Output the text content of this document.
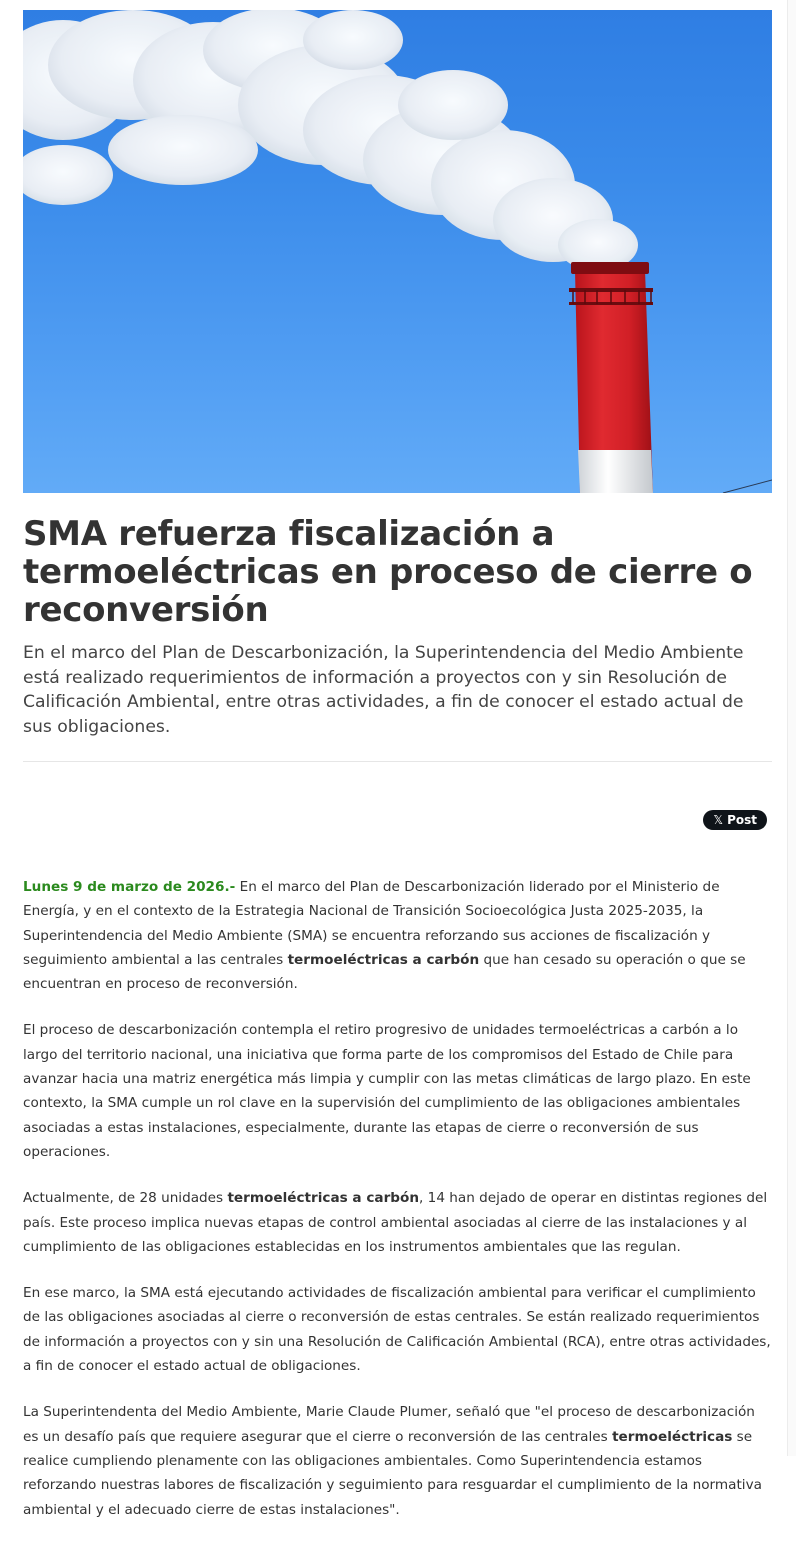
SMA refuerza fiscalización a termoeléctricas en proceso de cierre o reconversión

En el marco del Plan de Descarbonización, la Superintendencia del Medio Ambiente está realizado requerimientos de información a proyectos con y sin Resolución de Calificación Ambiental, entre otras actividades, a fin de conocer el estado actual de sus obligaciones.

𝕏 Post

Lunes 9 de marzo de 2026.- En el marco del Plan de Descarbonización liderado por el Ministerio de Energía, y en el contexto de la Estrategia Nacional de Transición Socioecológica Justa 2025-2035, la Superintendencia del Medio Ambiente (SMA) se encuentra reforzando sus acciones de fiscalización y seguimiento ambiental a las centrales termoeléctricas a carbón que han cesado su operación o que se encuentran en proceso de reconversión.

El proceso de descarbonización contempla el retiro progresivo de unidades termoeléctricas a carbón a lo largo del territorio nacional, una iniciativa que forma parte de los compromisos del Estado de Chile para avanzar hacia una matriz energética más limpia y cumplir con las metas climáticas de largo plazo. En este contexto, la SMA cumple un rol clave en la supervisión del cumplimiento de las obligaciones ambientales asociadas a estas instalaciones, especialmente, durante las etapas de cierre o reconversión de sus operaciones.

Actualmente, de 28 unidades termoeléctricas a carbón, 14 han dejado de operar en distintas regiones del país. Este proceso implica nuevas etapas de control ambiental asociadas al cierre de las instalaciones y al cumplimiento de las obligaciones establecidas en los instrumentos ambientales que las regulan.

En ese marco, la SMA está ejecutando actividades de fiscalización ambiental para verificar el cumplimiento de las obligaciones asociadas al cierre o reconversión de estas centrales. Se están realizado requerimientos de información a proyectos con y sin una Resolución de Calificación Ambiental (RCA), entre otras actividades, a fin de conocer el estado actual de obligaciones.

La Superintendenta del Medio Ambiente, Marie Claude Plumer, señaló que "el proceso de descarbonización es un desafío país que requiere asegurar que el cierre o reconversión de las centrales termoeléctricas se realice cumpliendo plenamente con las obligaciones ambientales. Como Superintendencia estamos reforzando nuestras labores de fiscalización y seguimiento para resguardar el cumplimiento de la normativa ambiental y el adecuado cierre de estas instalaciones".
